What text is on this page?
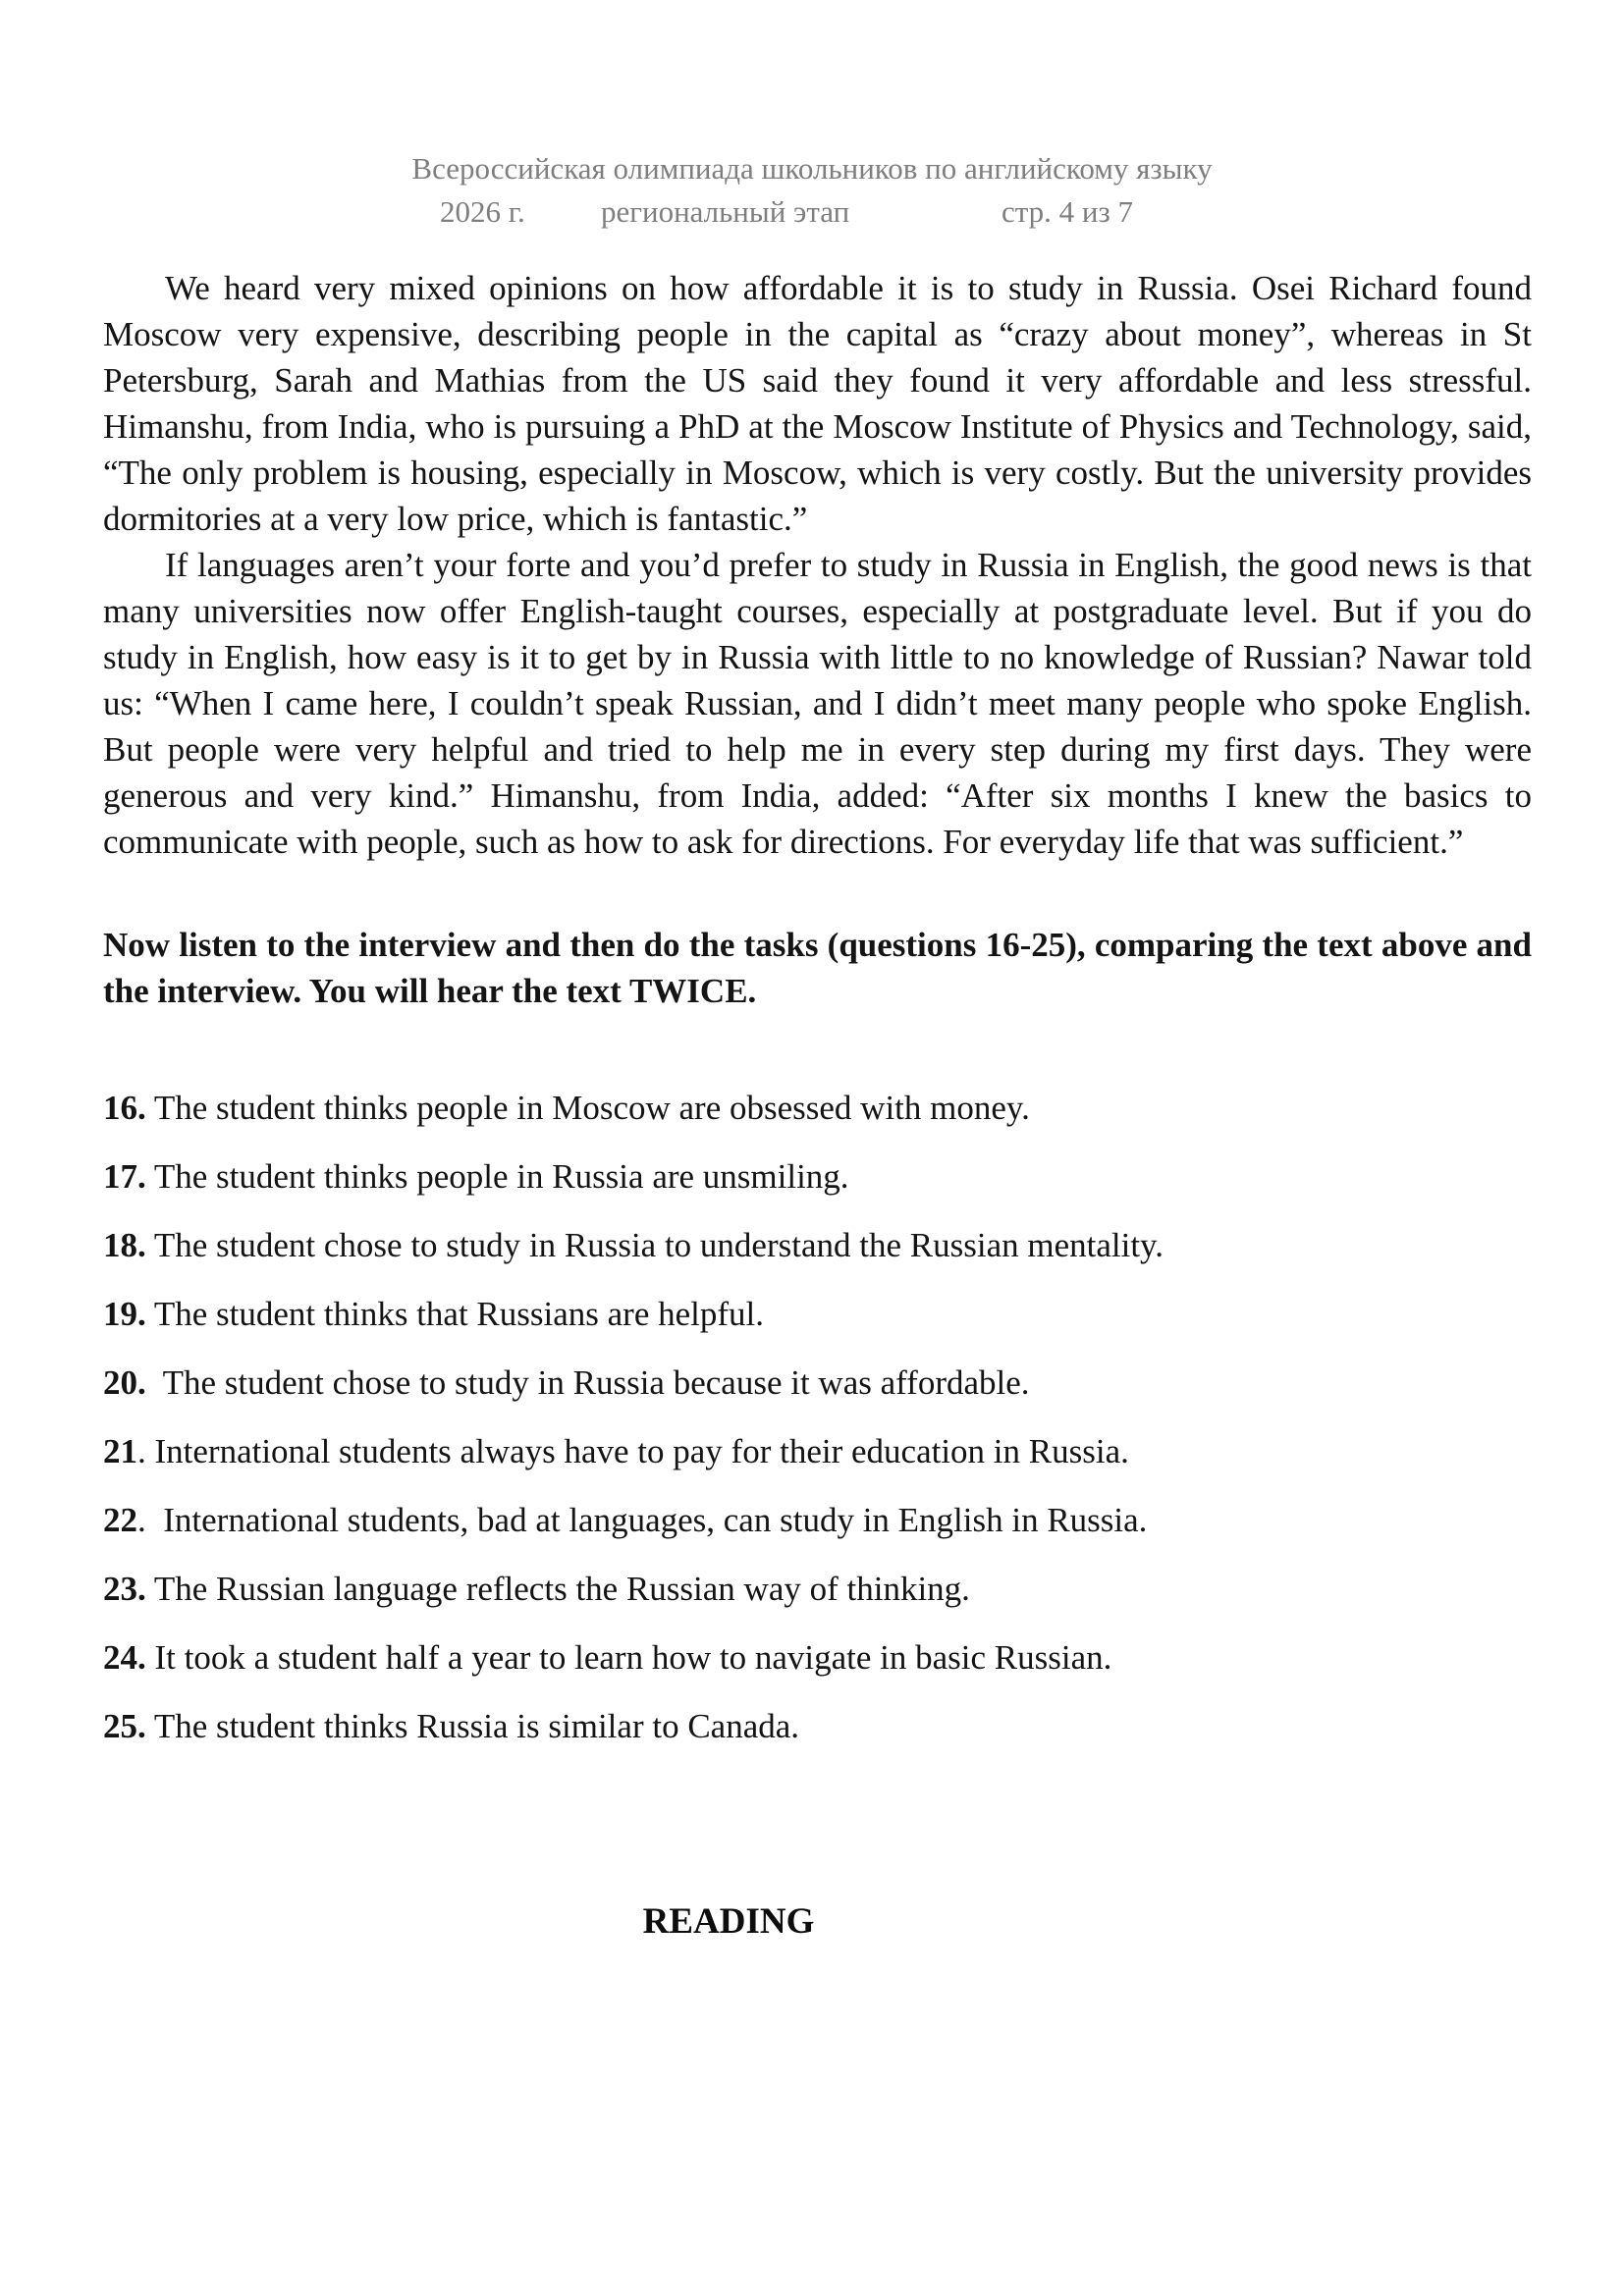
Всероссийская олимпиада школьников по английскому языку
2026 г. региональный этап	стр. 4 из 7

We heard very mixed opinions on how affordable it is to study in Russia. Osei Richard found Moscow very expensive, describing people in the capital as “crazy about money”, whereas in St Petersburg, Sarah and Mathias from the US said they found it very affordable and less stressful. Himanshu, from India, who is pursuing a PhD at the Moscow Institute of Physics and Technology, said, “The only problem is housing, especially in Moscow, which is very costly. But the university provides dormitories at a very low price, which is fantastic.”

If languages aren’t your forte and you’d prefer to study in Russia in English, the good news is that many universities now offer English-taught courses, especially at postgraduate level. But if you do study in English, how easy is it to get by in Russia with little to no knowledge of Russian? Nawar told us: “When I came here, I couldn’t speak Russian, and I didn’t meet many people who spoke English. But people were very helpful and tried to help me in every step during my first days. They were generous and very kind.” Himanshu, from India, added: “After six months I knew the basics to communicate with people, such as how to ask for directions. For everyday life that was sufficient.”

Now listen to the interview and then do the tasks (questions 16-25), comparing the text above and the interview. You will hear the text TWICE.

16. The student thinks people in Moscow are obsessed with money.

17. The student thinks people in Russia are unsmiling.

18. The student chose to study in Russia to understand the Russian mentality.

19. The student thinks that Russians are helpful.

20.  The student chose to study in Russia because it was affordable.

21. International students always have to pay for their education in Russia.

22.  International students, bad at languages, can study in English in Russia.

23. The Russian language reflects the Russian way of thinking.

24. It took a student half a year to learn how to navigate in basic Russian.

25. The student thinks Russia is similar to Canada.

READING
